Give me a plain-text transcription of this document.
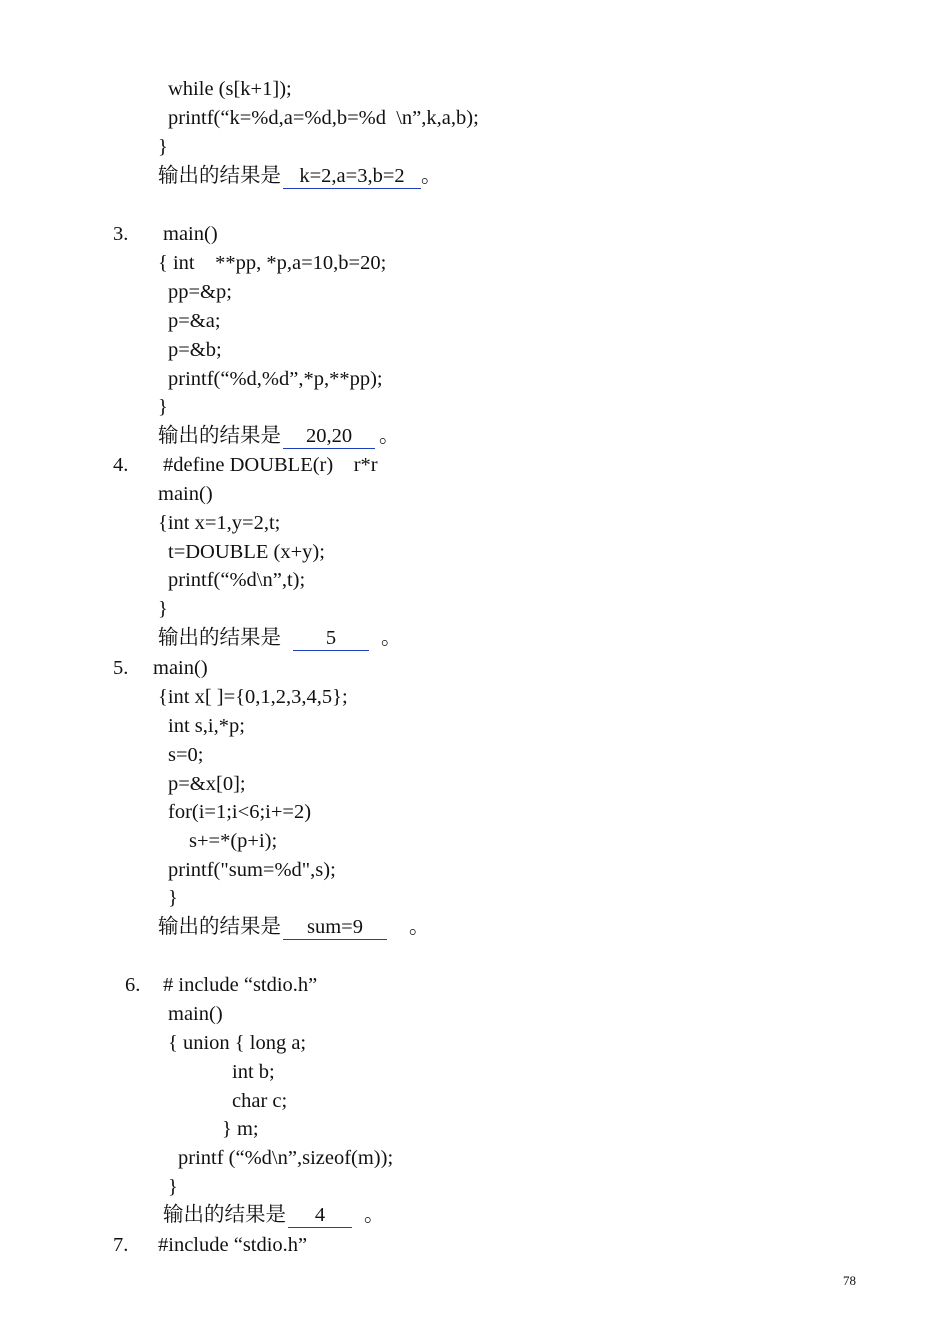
while (s[k+1]);
printf(“k=%d,a=%d,b=%d  \n”,k,a,b);
}
输出的结果是 k=2,a=3,b=2 。
3. main()
{ int    **pp, *p,a=10,b=20;
pp=&p;
p=&a;
p=&b;
printf(“%d,%d”,*p,**pp);
}
输出的结果是 20,20 。
4. #define DOUBLE(r)    r*r
main()
{int x=1,y=2,t;
t=DOUBLE (x+y);
printf(“%d\n”,t);
}
输出的结果是 5 。
5. main()
{int x[ ]={0,1,2,3,4,5};
int s,i,*p;
s=0;
p=&x[0];
for(i=1;i<6;i+=2)
s+=*(p+i);
printf("sum=%d",s);
}
输出的结果是 sum=9 。
6. # include “stdio.h”
main()
{ union { long a;
int b;
char c;
} m;
printf (“%d\n”,sizeof(m));
}
输出的结果是 4 。
7. #include “stdio.h”
78
